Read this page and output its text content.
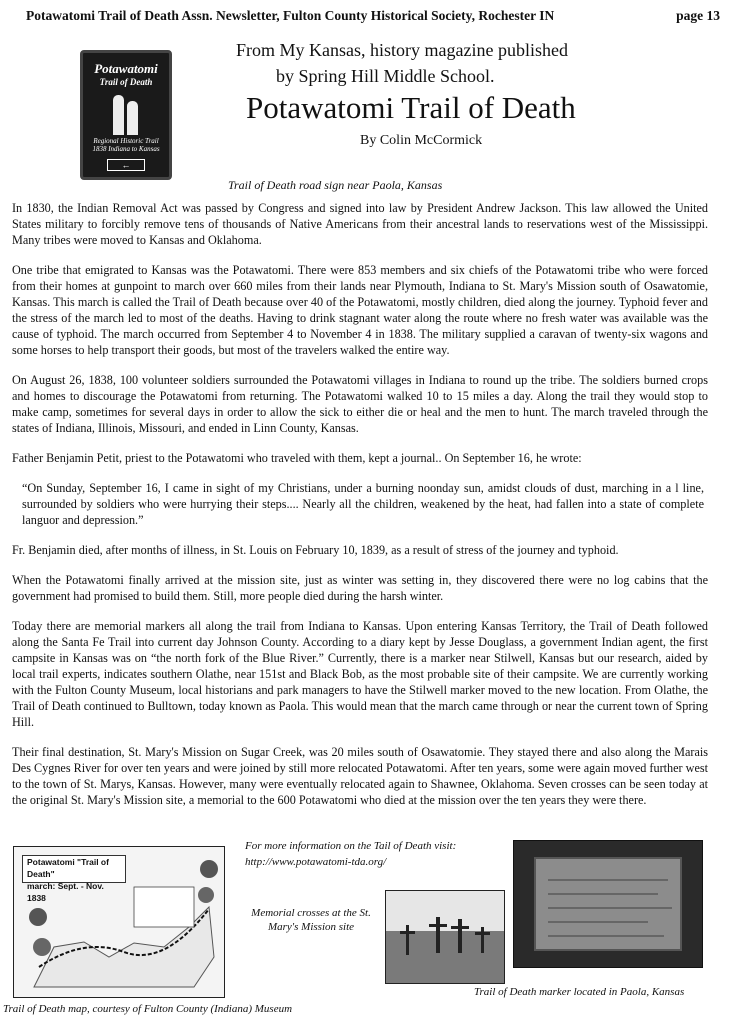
Potawatomi Trail of Death Assn. Newsletter, Fulton County Historical Society, Rochester IN	page 13
Potawatomi
Trail of Death
Regional Historic Trail
1838 Indiana to Kansas
←
From My Kansas, history magazine published
by Spring Hill Middle School.
Potawatomi Trail of Death
By Colin McCormick
Trail of Death road sign near Paola, Kansas

In 1830, the Indian Removal Act was passed by Congress and signed into law by President Andrew Jackson. This law allowed the United States military to forcibly remove tens of thousands of Native Americans from their ancestral lands to reservations west of the Mississippi. Many tribes were moved to Kansas and Oklahoma.

One tribe that emigrated to Kansas was the Potawatomi. There were 853 members and six chiefs of the Potawatomi tribe who were forced from their homes at gunpoint to march over 660 miles from their lands near Plymouth, Indiana to St. Mary's Mission south of Osawatomie, Kansas. This march is called the Trail of Death because over 40 of the Potawatomi, mostly children, died along the journey. Typhoid fever and the stress of the march led to most of the deaths. Having to drink stagnant water along the route where no fresh water was available was the cause of typhoid. The march occurred from September 4 to November 4 in 1838. The military supplied a caravan of twenty-six wagons and some horses to help transport their goods, but most of the travelers walked the entire way.

On August 26, 1838, 100 volunteer soldiers surrounded the Potawatomi villages in Indiana to round up the tribe. The soldiers burned crops and homes to discourage the Potawatomi from returning. The Potawatomi walked 10 to 15 miles a day. Along the trail they would stop to make camp, sometimes for several days in order to allow the sick to either die or heal and the men to hunt. The march traveled through the states of Indiana, Illinois, Missouri, and ended in Linn County, Kansas.

Father Benjamin Petit, priest to the Potawatomi who traveled with them, kept a journal.. On September 16, he wrote:

“On Sunday, September 16, I came in sight of my Christians, under a burning noonday sun, amidst clouds of dust, marching in a l line, surrounded by soldiers who were hurrying their steps.... Nearly all the children, weakened by the heat, had fallen into a state of complete languor and depression.”

Fr. Benjamin died, after months of illness, in St. Louis on February 10, 1839, as a result of stress of the journey and typhoid.

When the Potawatomi finally arrived at the mission site, just as winter was setting in, they discovered there were no log cabins that the government had promised to build them. Still, more people died during the harsh winter.

Today there are memorial markers all along the trail from Indiana to Kansas. Upon entering Kansas Territory, the Trail of Death followed along the Santa Fe Trail into current day Johnson County. According to a diary kept by Jesse Douglass, a government Indian agent, the first campsite in Kansas was on “the north fork of the Blue River.” Currently, there is a marker near Stilwell, Kansas but our research, aided by local trail experts, indicates southern Olathe, near 151st and Black Bob, as the most probable site of their campsite. We are currently working with the Fulton County Museum, local historians and park managers to have the Stilwell marker moved to the new location. From Olathe, the Trail of Death continued to Bulltown, today known as Paola. This would mean that the march came through or near the current town of Spring Hill.

Their final destination, St. Mary's Mission on Sugar Creek, was 20 miles south of Osawatomie. They stayed there and also along the Marais Des Cygnes River for over ten years and were joined by still more relocated Potawatomi. After ten years, some were again moved further west to the town of St. Marys, Kansas. However, many were eventually relocated again to Shawnee, Oklahoma. Seven crosses can be seen today at the original St. Mary's Mission site, a memorial to the 600 Potawatomi who died at the mission over the ten years they were there.

Potawatomi "Trail of Death"
march: Sept. - Nov. 1838
For more information on the Tail of Death visit:
http://www.potawatomi-tda.org/
Memorial crosses at the St. Mary's Mission site
Trail of Death marker located in Paola, Kansas
Trail of Death map, courtesy of Fulton County (Indiana) Museum
